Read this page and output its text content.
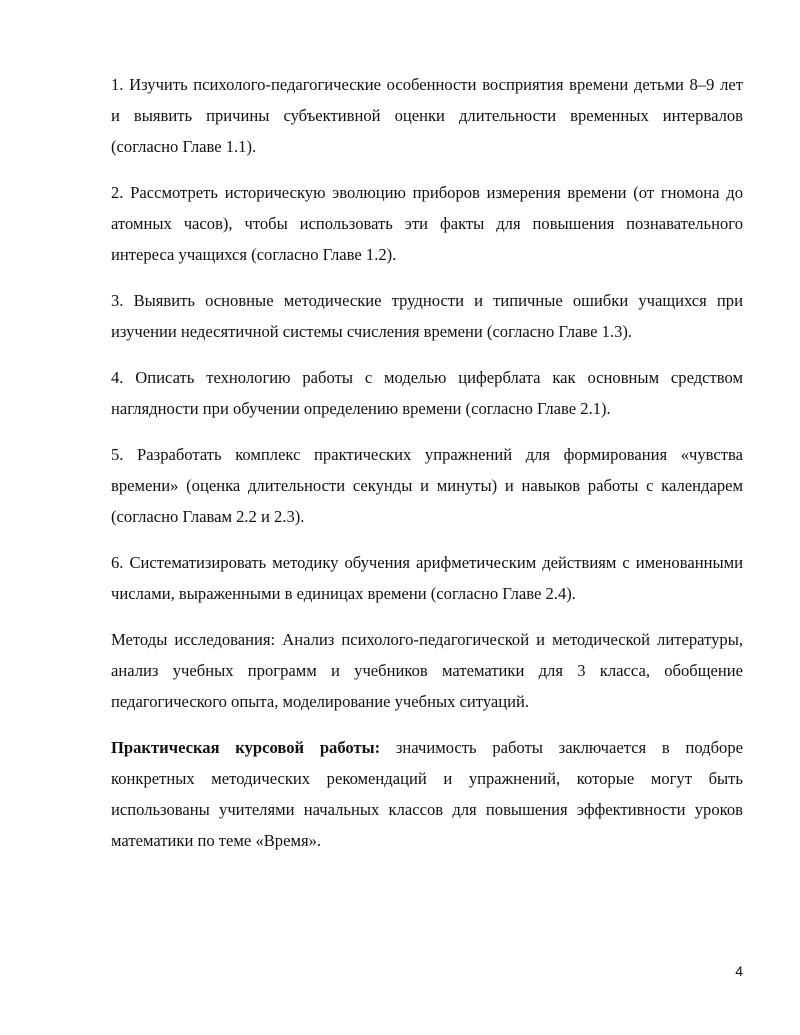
1. Изучить психолого-педагогические особенности восприятия времени детьми 8–9 лет и выявить причины субъективной оценки длительности временных интервалов (согласно Главе 1.1).

2. Рассмотреть историческую эволюцию приборов измерения времени (от гномона до атомных часов), чтобы использовать эти факты для повышения познавательного интереса учащихся (согласно Главе 1.2).

3. Выявить основные методические трудности и типичные ошибки учащихся при изучении недесятичной системы счисления времени (согласно Главе 1.3).

4. Описать технологию работы с моделью циферблата как основным средством наглядности при обучении определению времени (согласно Главе 2.1).

5. Разработать комплекс практических упражнений для формирования «чувства времени» (оценка длительности секунды и минуты) и навыков работы с календарем (согласно Главам 2.2 и 2.3).

6. Систематизировать методику обучения арифметическим действиям с именованными числами, выраженными в единицах времени (согласно Главе 2.4).

Методы исследования: Анализ психолого-педагогической и методической литературы, анализ учебных программ и учебников математики для 3 класса, обобщение педагогического опыта, моделирование учебных ситуаций.

Практическая курсовой работы: значимость работы заключается в подборе конкретных методических рекомендаций и упражнений, которые могут быть использованы учителями начальных классов для повышения эффективности уроков математики по теме «Время».

4
